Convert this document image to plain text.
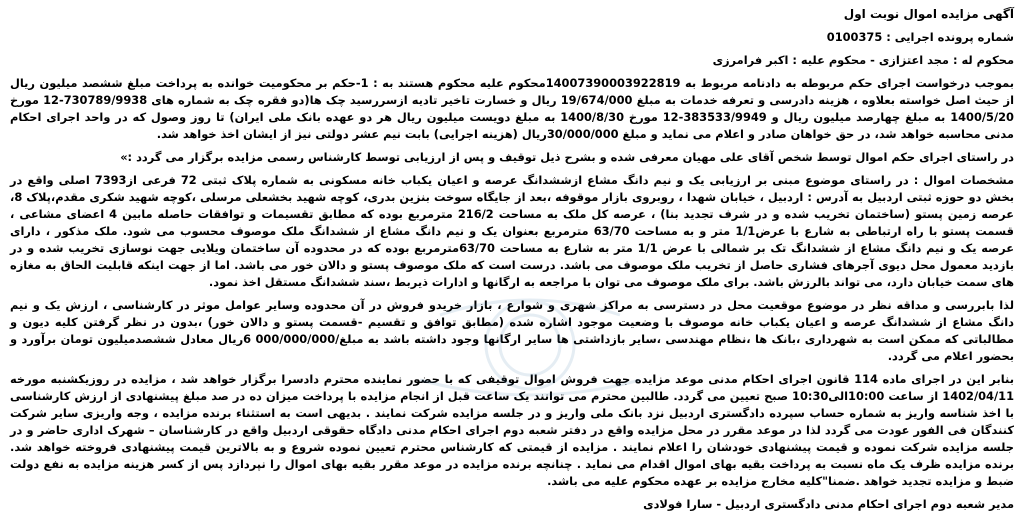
آگهی مزایده اموال نوبت اول

شماره پرونده اجرایی : 0100375

محکوم له : مجد اعتزازی - محکوم علیه : اکبر فرامرزی

بموجب درخواست اجرای حکم مربوطه به دادنامه مربوط به 14007390003922819محکوم علیه محکوم هستند به : 1-حکم بر محکومیت خوانده به پرداخت مبلغ ششصد میلیون ریال از حیث اصل خواسته بعلاوه ، هزینه دادرسی و تعرفه خدمات به مبلغ 19/674/000 ریال و خسارت تاخیر تادیه ازسررسید چک ها(دو فقره چک به شماره های 730789/9938-12 مورخ 1400/5/20 به مبلغ چهارصد میلیون ریال و 383533/9949-12 مورخ 1400/8/30 به مبلغ دویست میلیون ریال هر دو عهده بانک ملی ایران) تا روز وصول که در واحد اجرای احکام مدنی محاسبه خواهد شد، در حق خواهان صادر و اعلام می نماید و مبلغ 30/000/000ریال (هزینه اجرایی) بابت نیم عشر دولتی نیز از ایشان اخذ خواهد شد.

در راستای اجرای حکم اموال توسط شخص آقای علی مهیان معرفی شده و بشرح ذیل توقیف و پس از ارزیابی توسط کارشناس رسمی مزایده برگزار می گردد :»

مشخصات اموال : در راستای موضوع مبنی بر ارزیابی یک و نیم دانگ مشاع ازششدانگ عرصه و اعیان یکباب خانه مسکونی به شماره پلاک ثبتی 72 فرعی از7393 اصلی واقع در بخش دو حوزه ثبتی اردبیل به آدرس : اردبیل ، خیابان شهدا ، روبروی بازار موقوفه ،بعد از جایگاه سوخت بنزین بدری، کوچه شهید بخشعلی مرسلی ،کوچه شهید شکری مقدم،پلاک 8، عرصه زمین پستو (ساختمان تخریب شده و در شرف تجدید بنا) ، عرصه کل ملک به مساحت 216/2 مترمربع بوده که مطابق تقسیمات و توافقات حاصله مابین 4 اعضای مشاعی ، قسمت پستو با راه ارتباطی به شارع با عرض1/1 متر و به مساحت 63/70 مترمربع بعنوان یک و نیم دانگ مشاع از ششدانگ ملک موصوف محسوب می شود. ملک مذکور ، دارای عرصه یک و نیم دانگ مشاع از ششدانگ تک بر شمالی با عرض 1/1 متر به شارع به مساحت 63/70مترمربع بوده که در محدوده آن ساختمان ویلایی جهت نوسازی تخریب شده و در بازدید معمول محل دیوی آجرهای فشاری حاصل از تخریب ملک موصوف می باشد. درست است که ملک موصوف پستو و دالان خور می باشد. اما از جهت اینکه قابلیت الحاق به مغازه های سمت خیابان دارد، می تواند بالرزش باشد. برای ملک موصوف می توان با مراجعه به ارگانها و ادارات ذیربط ،سند ششدانگ مستقل اخذ نمود.

لذا بابررسی و مداقه نظر در موضوع موقعیت محل در دسترسی به مراکز شهری و شوارع ، بازار خریدو فروش در آن محدوده وسایر عوامل موثر در کارشناسی ، ارزش یک و نیم دانگ مشاع از ششدانگ عرصه و اعیان یکباب خانه موصوف با وضعیت موجود اشاره شده (مطابق توافق و تقسیم -قسمت پستو و دالان خور) ،بدون در نظر گرفتن کلیه دیون و مطالباتی که ممکن است به شهرداری ،بانک ها ،نظام مهندسی ،سایر بازداشتی ها سایر ارگانها وجود داشته باشد به مبلغ/000/000/000 6ریال معادل ششصدمیلیون تومان برآورد و بحضور اعلام می گردد.

بنابر این در اجرای ماده 114 قانون اجرای احکام مدنی موعد مزایده جهت فروش اموال توقیفی که با حضور نماینده محترم دادسرا برگزار خواهد شد ، مزایده در روزیکشنبه مورخه 1402/04/11 از ساعت 10:00الی10:30 صبح تعیین می گردد. طالبین محترم می توانند یک ساعت قبل از انجام مزایده با پرداخت میزان ده در صد مبلغ پیشنهادی از ارزش کارشناسی با اخذ شناسه واریز به شماره حساب سپرده دادگستری اردبیل نزد بانک ملی واریز و در جلسه مزایده شرکت نمایند . بدیهی است به استثناء برنده مزایده ، وجه واریزی سایر شرکت کنندگان فی الفور عودت می گردد لذا در موعد مقرر در محل مزایده واقع در دفتر شعبه دوم اجرای احکام مدنی دادگاه حقوقی اردبیل واقع در کارشناسان – شهرک اداری حاضر و در جلسه مزایده شرکت نموده و قیمت پیشنهادی خودشان را اعلام نمایند . مزایده از قیمتی که کارشناس محترم تعیین نموده شروع و به بالاترین قیمت پیشنهادی فروخته خواهد شد. برنده مزایده ظرف یک ماه نسبت به پرداخت بقیه بهای اموال اقدام می نماید . چنانچه برنده مزایده در موعد مقرر بقیه بهای اموال را نپردازد پس از کسر هزینه مزایده به نفع دولت ضبط و مزایده تجدید خواهد .ضمنا"کلیه مخارج مزایده بر عهده محکوم علیه می باشد.

مدیر شعبه دوم اجرای احکام مدنی دادگستری اردبیل - سارا فولادی
